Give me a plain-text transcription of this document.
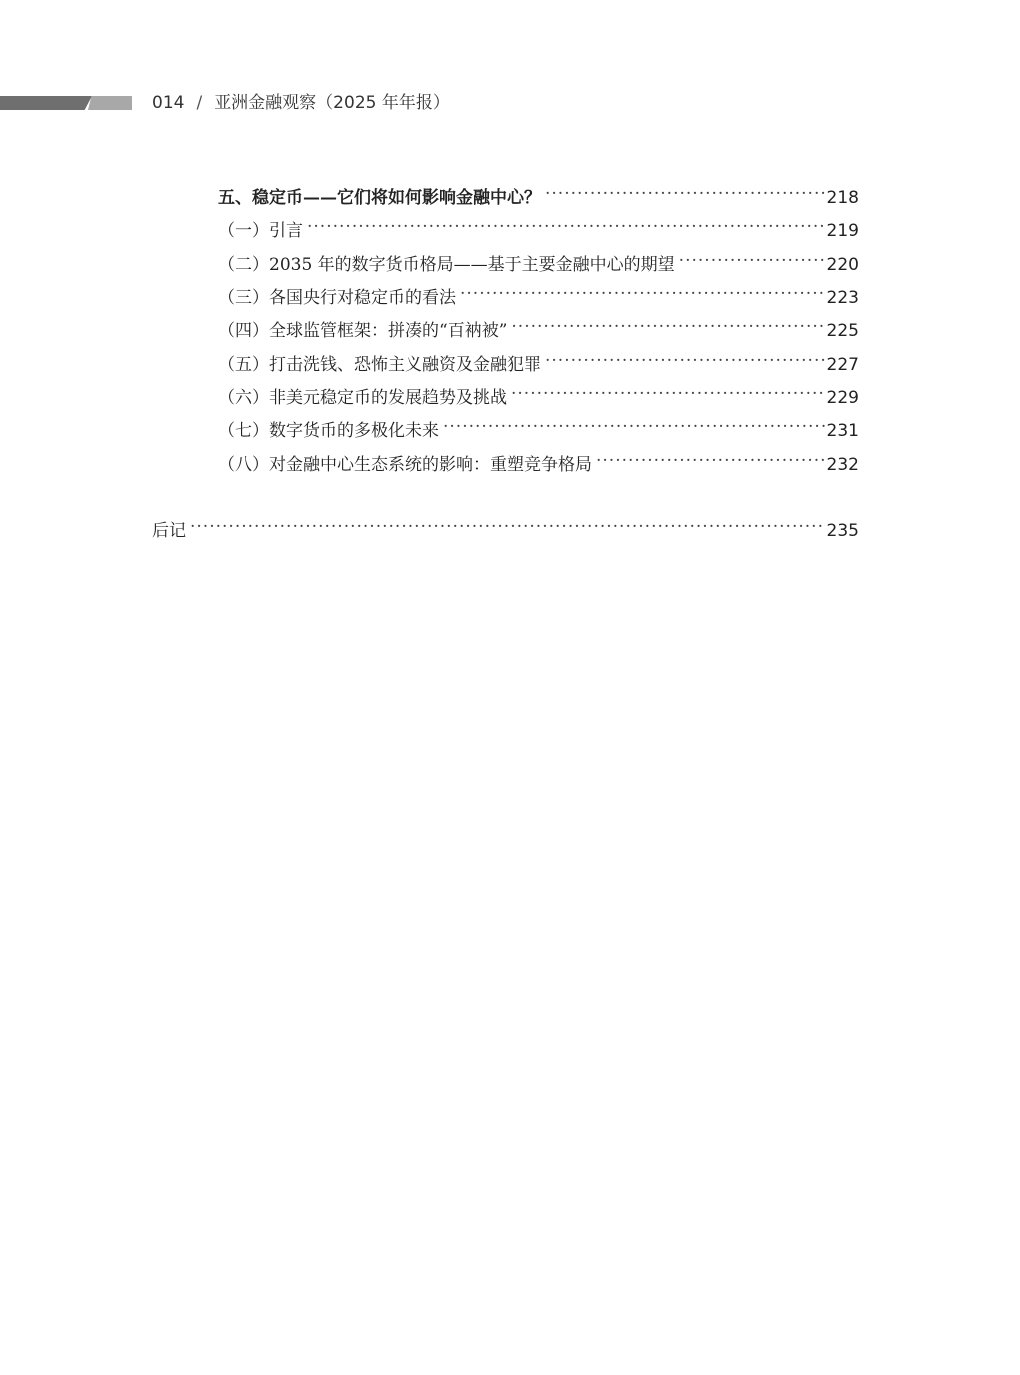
014 / 亚洲金融观察（2025 年年报）
五、稳定币——它们将如何影响金融中心？ .....	218
（一）引言 .....	219
（二）2035 年的数字货币格局——基于主要金融中心的期望 .....	220
（三）各国央行对稳定币的看法 .....	223
（四）全球监管框架：拼凑的“百衲被” .....	225
（五）打击洗钱、恐怖主义融资及金融犯罪 .....	227
（六）非美元稳定币的发展趋势及挑战 .....	229
（七）数字货币的多极化未来 .....	231
（八）对金融中心生态系统的影响：重塑竞争格局 .....	232
后记 .....	235
